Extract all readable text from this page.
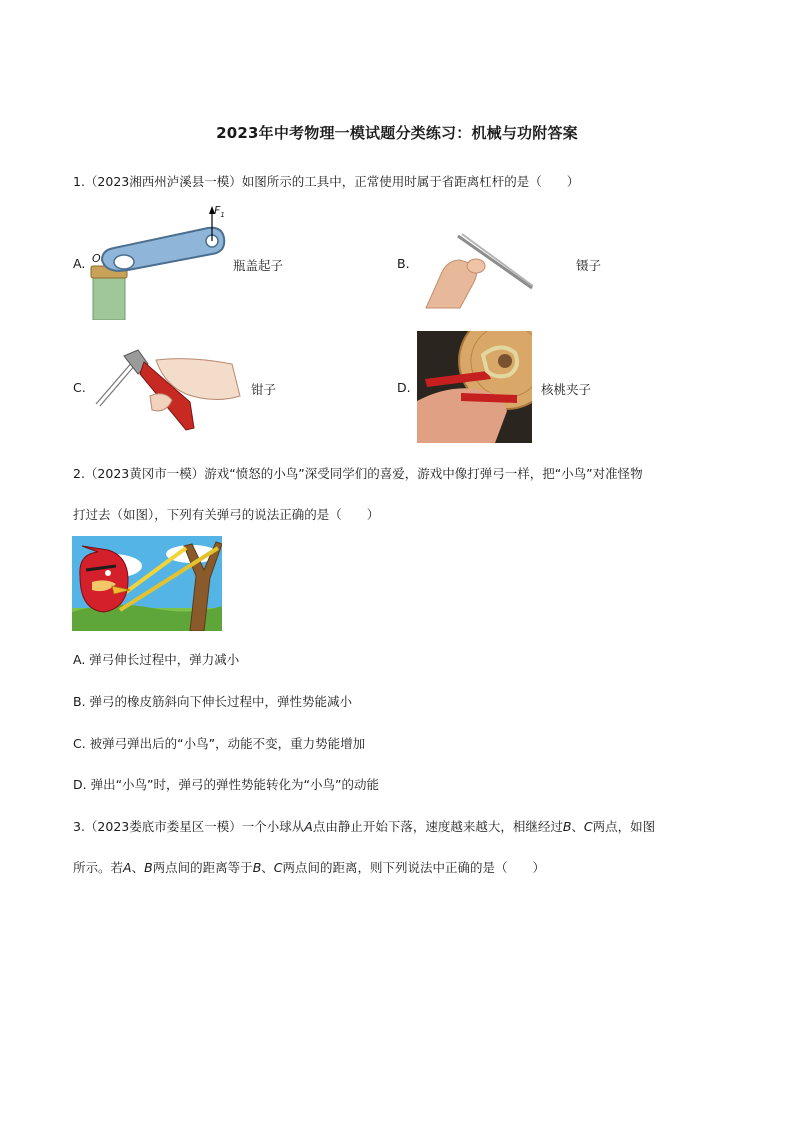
2023年中考物理一模试题分类练习：机械与功附答案
1.（2023湘西州泸溪县一模）如图所示的工具中，正常使用时属于省距离杠杆的是（　　）
A.
$F_1$
O	瓶盖起子	B.	镊子
C.	钳子	D.	核桃夹子
2.（2023黄冈市一模）游戏“愤怒的小鸟”深受同学们的喜爱，游戏中像打弹弓一样，把“小鸟”对准怪物
打过去（如图），下列有关弹弓的说法正确的是（　　）
A. 弹弓伸长过程中，弹力减小
B. 弹弓的橡皮筋斜向下伸长过程中，弹性势能减小
C. 被弹弓弹出后的“小鸟”，动能不变，重力势能增加
D. 弹出“小鸟”时，弹弓的弹性势能转化为“小鸟”的动能
3.（2023娄底市娄星区一模）一个小球从A点由静止开始下落，速度越来越大，相继经过B、C两点，如图
所示。若A、B两点间的距离等于B、C两点间的距离，则下列说法中正确的是（　　）
